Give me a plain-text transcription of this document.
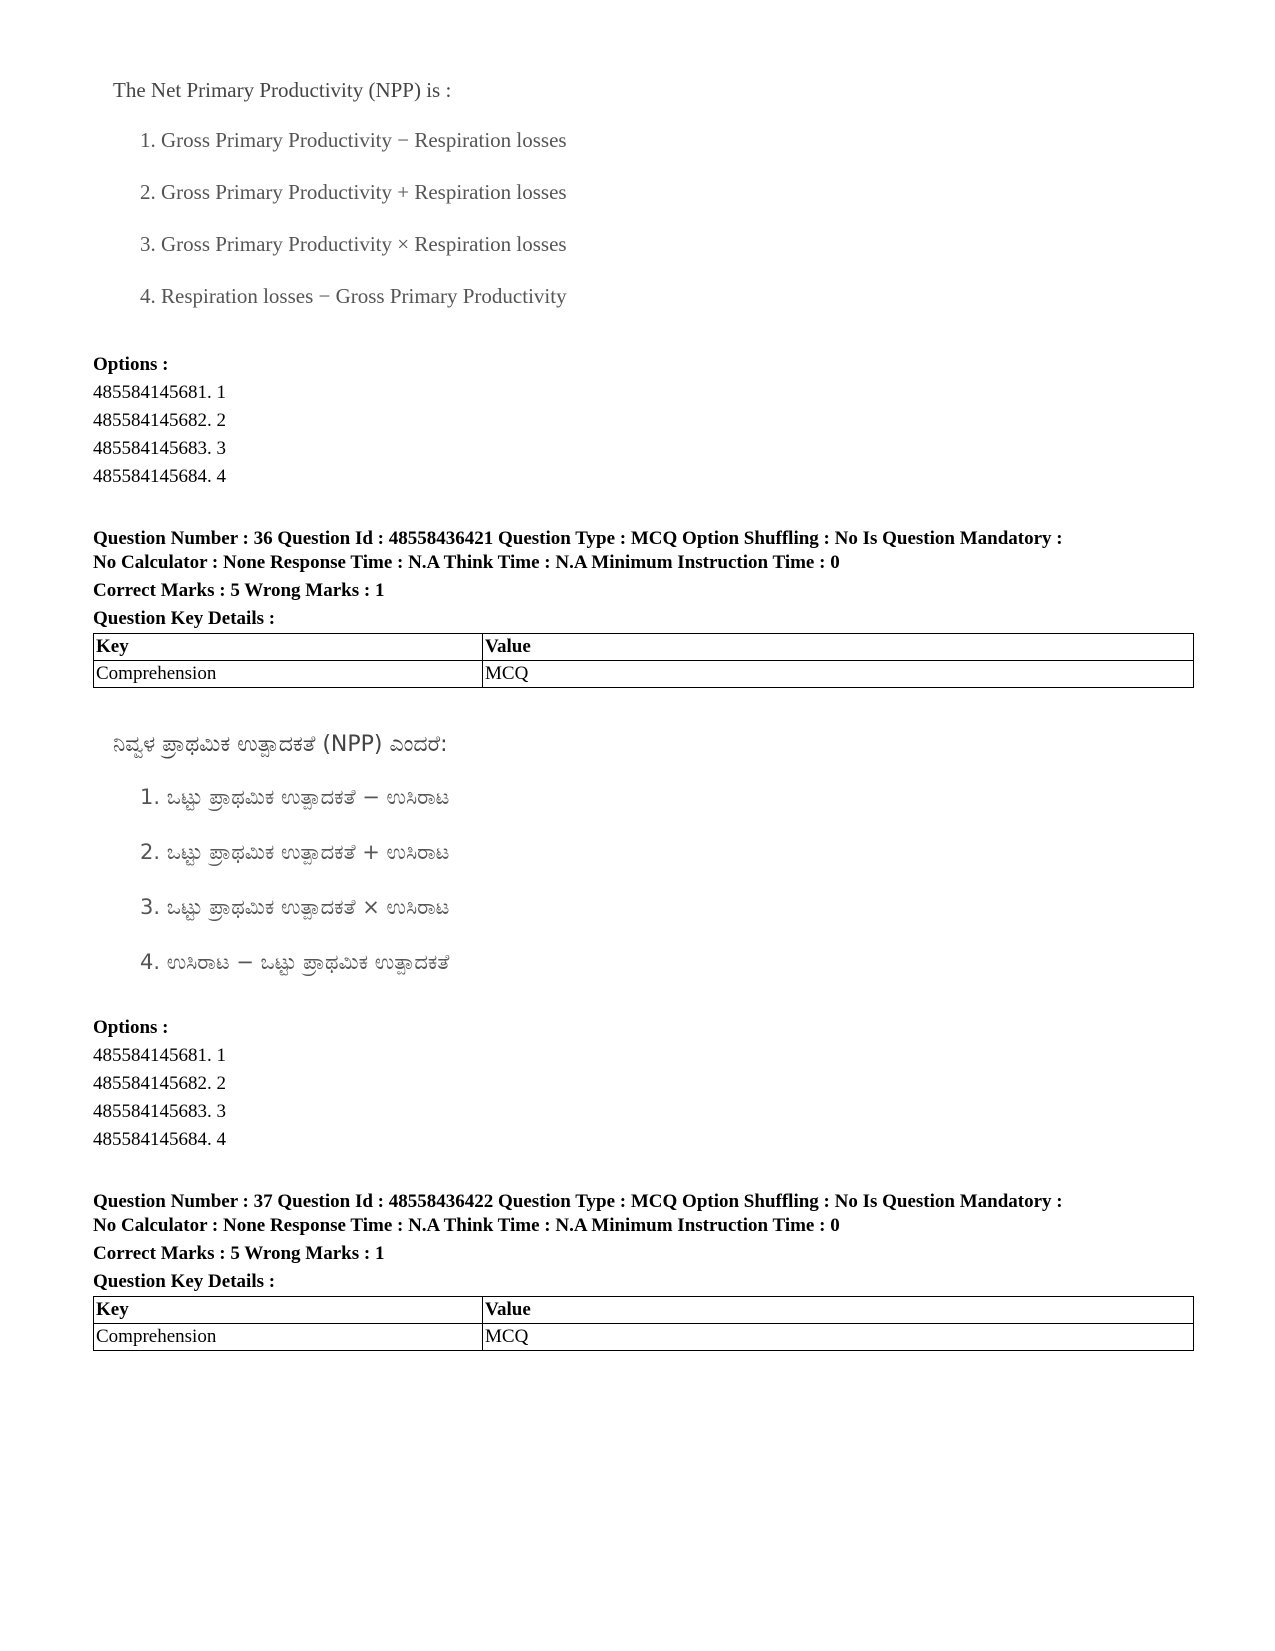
The Net Primary Productivity (NPP) is :
1. Gross Primary Productivity − Respiration losses
2. Gross Primary Productivity + Respiration losses
3. Gross Primary Productivity × Respiration losses
4. Respiration losses − Gross Primary Productivity
Options :
485584145681. 1
485584145682. 2
485584145683. 3
485584145684. 4
Question Number : 36 Question Id : 48558436421 Question Type : MCQ Option Shuffling : No Is Question Mandatory :
No Calculator : None Response Time : N.A Think Time : N.A Minimum Instruction Time : 0
Correct Marks : 5 Wrong Marks : 1
Question Key Details :
Key	Value
Comprehension	MCQ
ನಿವ್ವಳ ಪ್ರಾಥಮಿಕ ಉತ್ಪಾದಕತೆ (NPP) ಎಂದರೆ:
1. ಒಟ್ಟು ಪ್ರಾಥಮಿಕ ಉತ್ಪಾದಕತೆ − ಉಸಿರಾಟ
2. ಒಟ್ಟು ಪ್ರಾಥಮಿಕ ಉತ್ಪಾದಕತೆ + ಉಸಿರಾಟ
3. ಒಟ್ಟು ಪ್ರಾಥಮಿಕ ಉತ್ಪಾದಕತೆ × ಉಸಿರಾಟ
4. ಉಸಿರಾಟ − ಒಟ್ಟು ಪ್ರಾಥಮಿಕ ಉತ್ಪಾದಕತೆ
Options :
485584145681. 1
485584145682. 2
485584145683. 3
485584145684. 4
Question Number : 37 Question Id : 48558436422 Question Type : MCQ Option Shuffling : No Is Question Mandatory :
No Calculator : None Response Time : N.A Think Time : N.A Minimum Instruction Time : 0
Correct Marks : 5 Wrong Marks : 1
Question Key Details :
Key	Value
Comprehension	MCQ
